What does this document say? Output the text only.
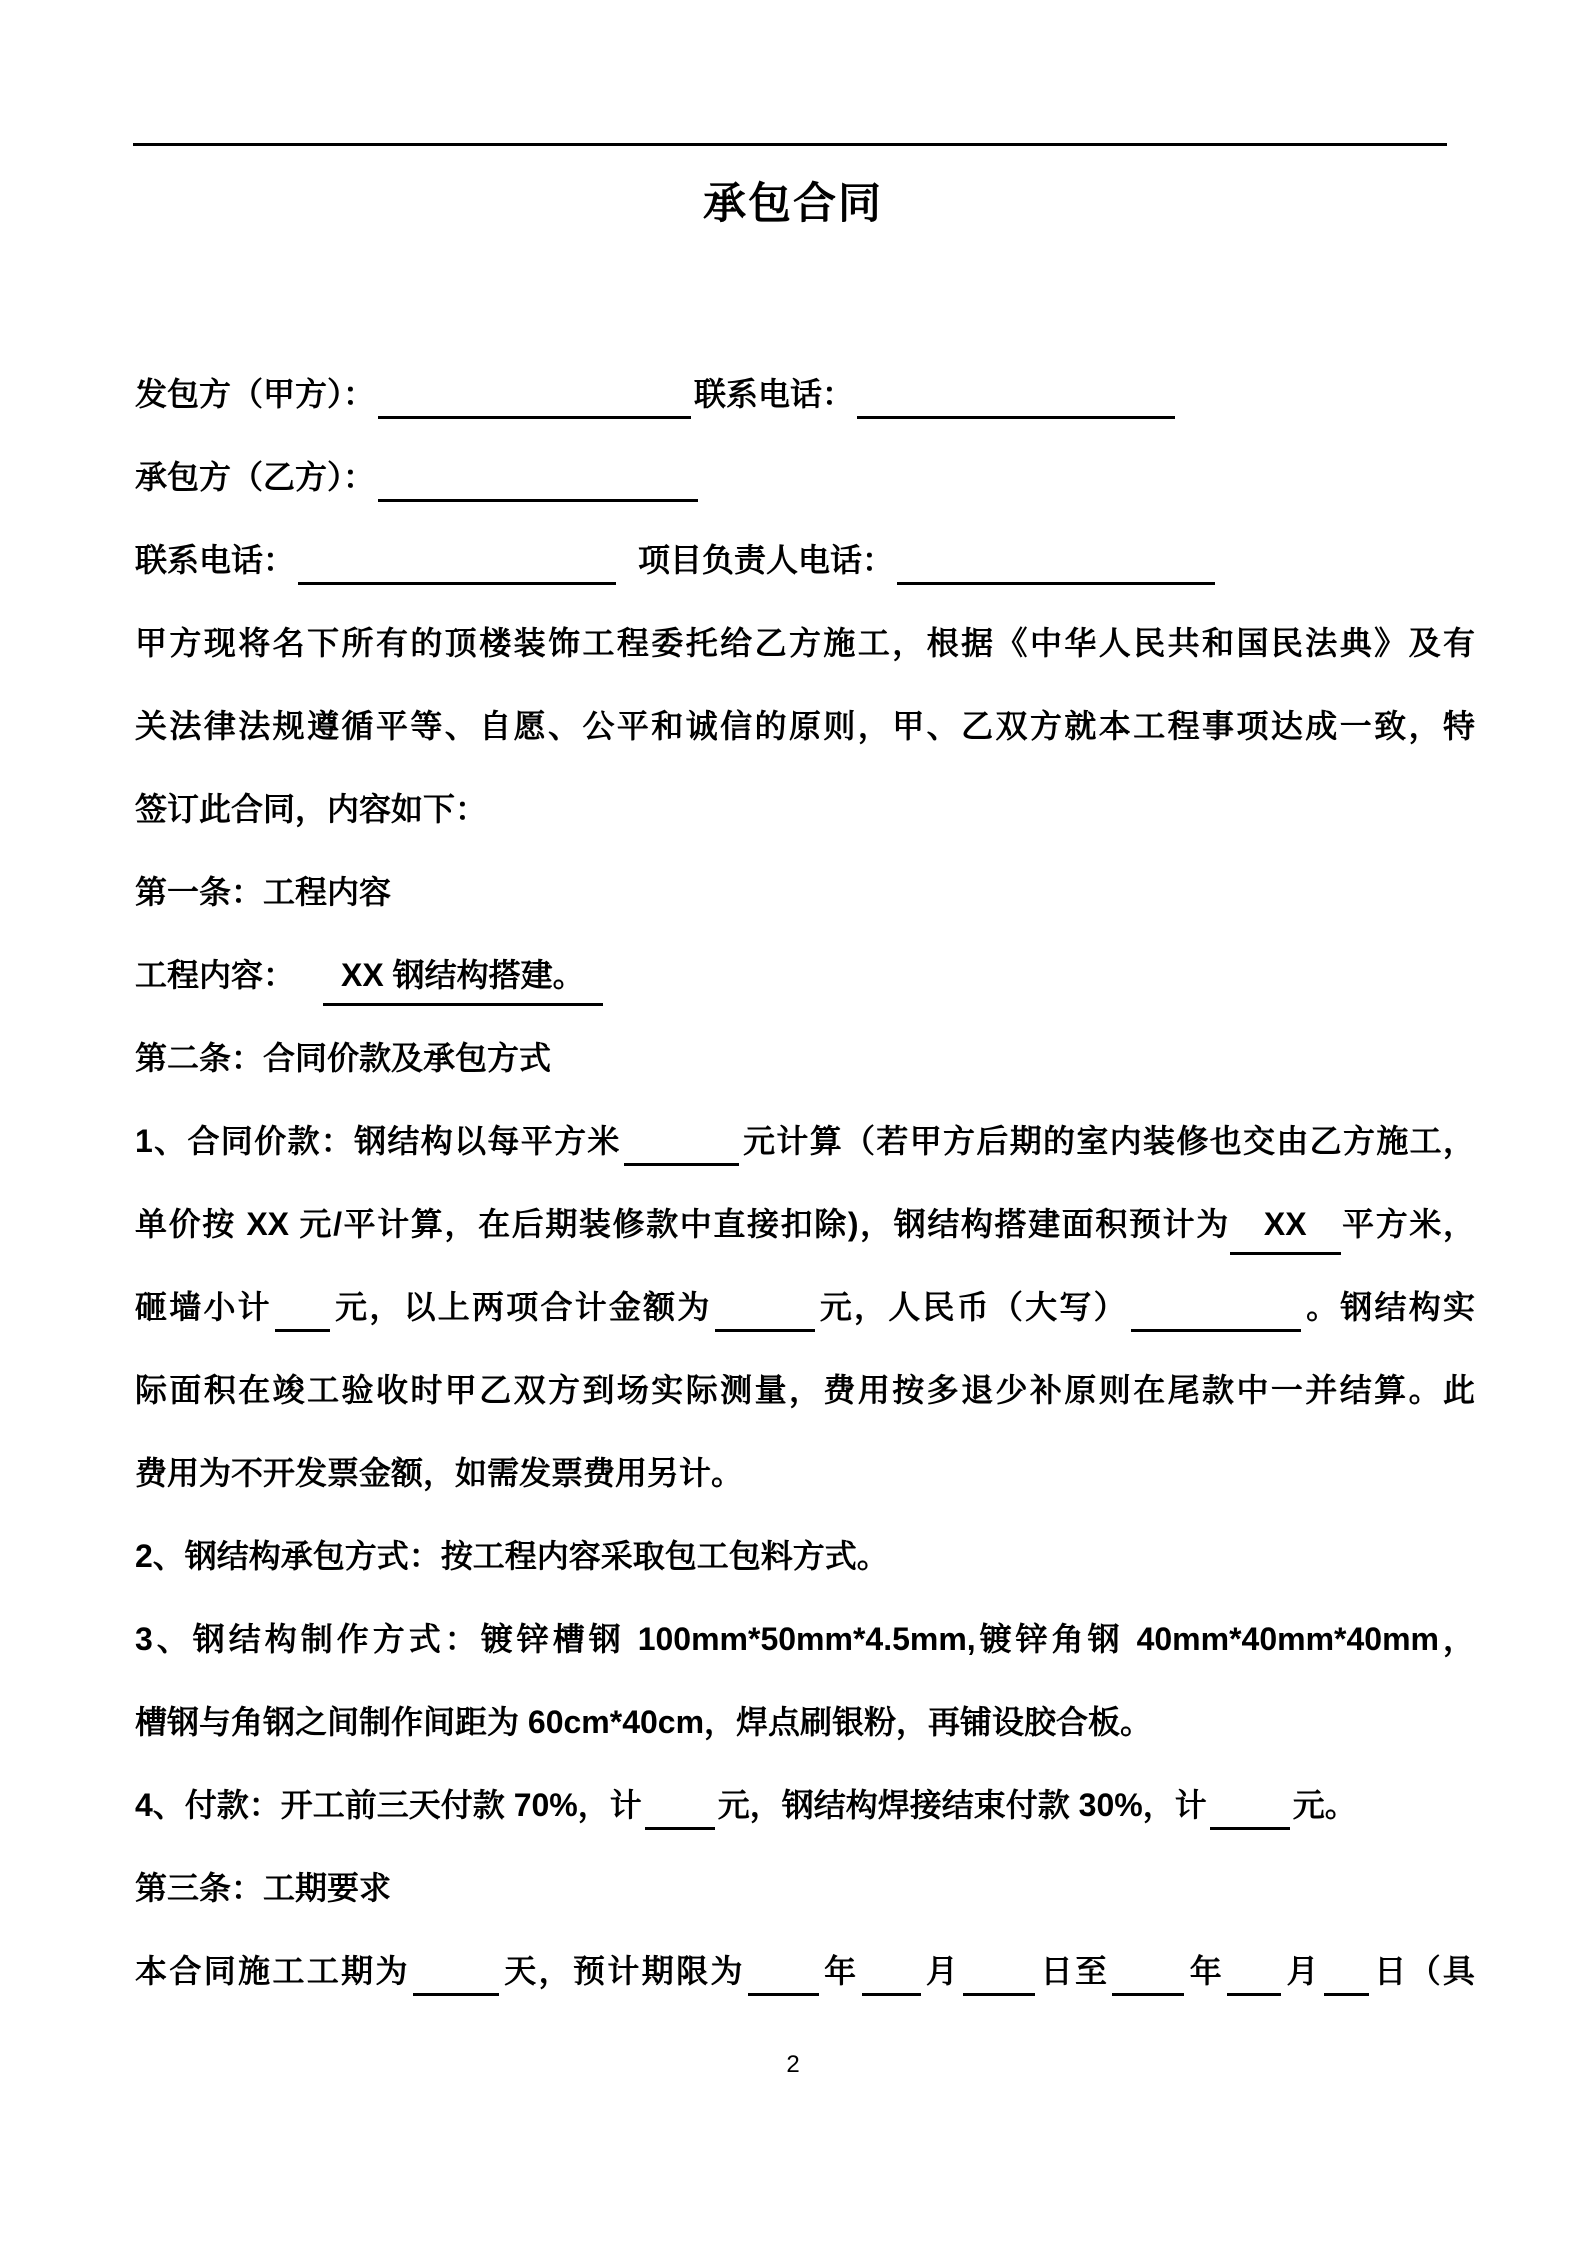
承包合同
发包方（甲方）：	联系电话：
承包方（乙方）：
联系电话：	项目负责人电话：
甲方现将名下所有的顶楼装饰工程委托给乙方施工，根据《中华人民共和国民法典》及有
关法律法规遵循平等、自愿、公平和诚信的原则，甲、乙双方就本工程事项达成一致，特
签订此合同，内容如下：
第一条：工程内容
工程内容： XX 钢结构搭建。
第二条：合同价款及承包方式
1、合同价款：钢结构以每平方米	元计算（若甲方后期的室内装修也交由乙方施工，
单价按 XX 元/平计算，在后期装修款中直接扣除)，钢结构搭建面积预计为 XX 平方米，
砸墙小计 元，以上两项合计金额为	元，人民币（大写）	。钢结构实
际面积在竣工验收时甲乙双方到场实际测量，费用按多退少补原则在尾款中一并结算。此
费用为不开发票金额，如需发票费用另计。
2、钢结构承包方式：按工程内容采取包工包料方式。
3、钢结构制作方式：镀锌槽钢 100mm*50mm*4.5mm,镀锌角钢 40mm*40mm*40mm，
槽钢与角钢之间制作间距为 60cm*40cm，焊点刷银粉，再铺设胶合板。
4、付款：开工前三天付款 70%，计 元，钢结构焊接结束付款 30%，计	元。
第三条：工期要求
本合同施工工期为	天，预计期限为 年 月 日至 年 月 日（具
2
